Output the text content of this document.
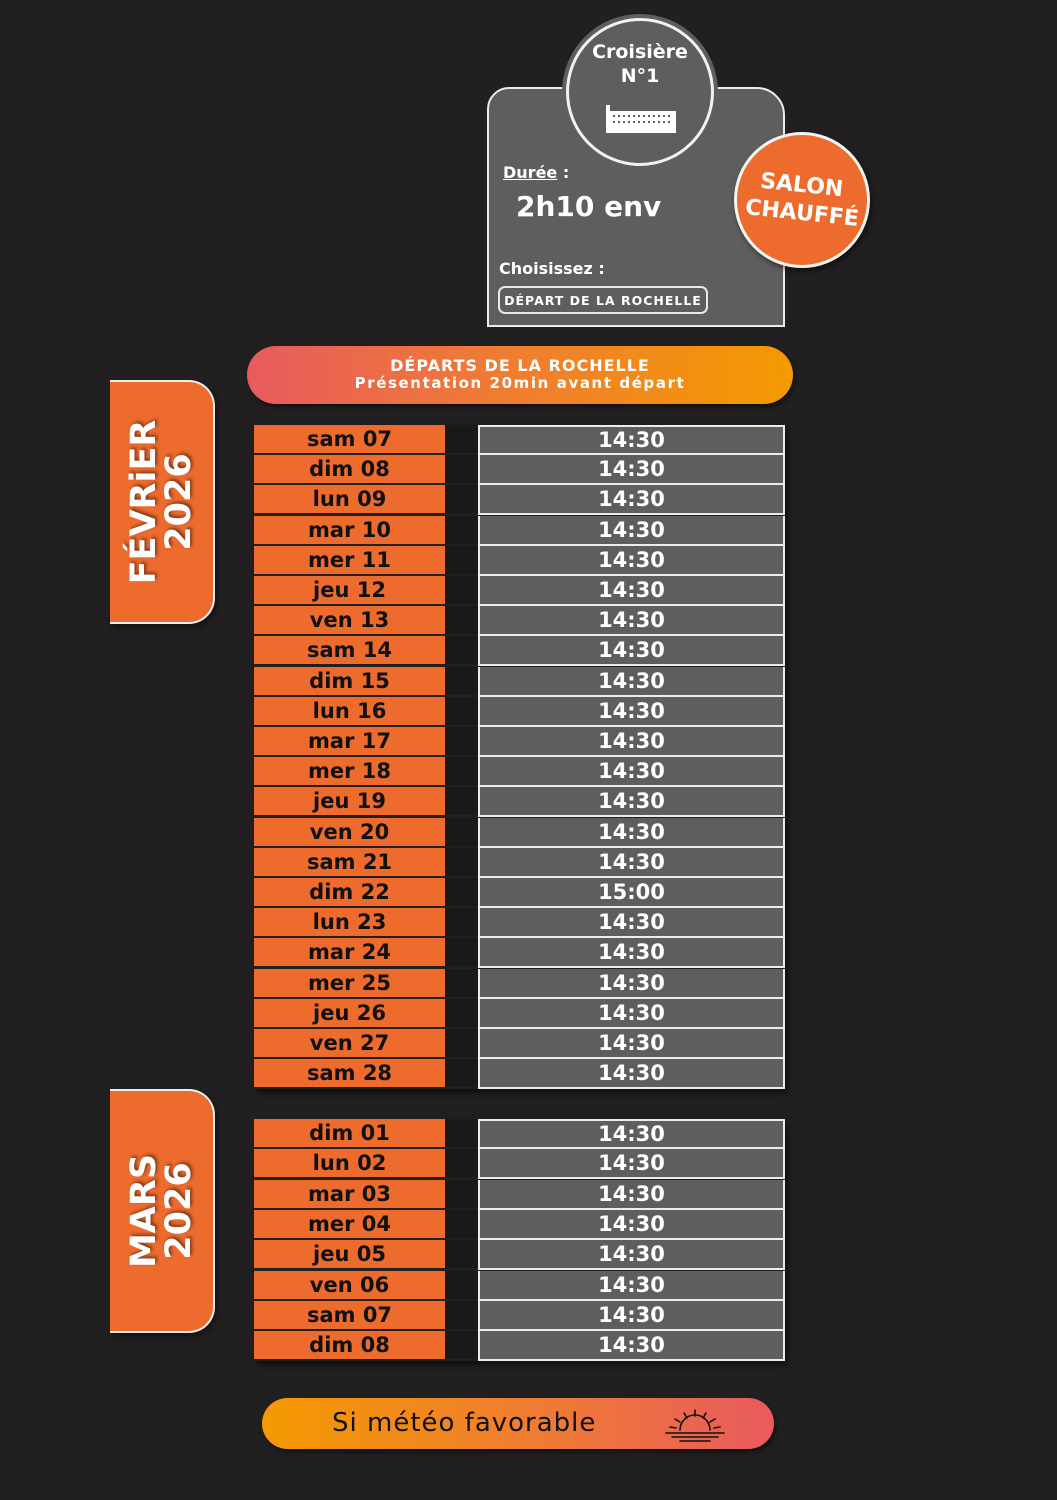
Croisière
N°1
Durée :
2h10 env
Choisissez :
DÉPART DE LA ROCHELLE
SALON
CHAUFFÉ
DÉPARTS DE LA ROCHELLE
Présentation 20min avant départ
FÉVRiER
2026
MARS
2026
sam 07	14:30
dim 08	14:30
lun 09	14:30
mar 10	14:30
mer 11	14:30
jeu 12	14:30
ven 13	14:30
sam 14	14:30
dim 15	14:30
lun 16	14:30
mar 17	14:30
mer 18	14:30
jeu 19	14:30
ven 20	14:30
sam 21	14:30
dim 22	15:00
lun 23	14:30
mar 24	14:30
mer 25	14:30
jeu 26	14:30
ven 27	14:30
sam 28	14:30
dim 01	14:30
lun 02	14:30
mar 03	14:30
mer 04	14:30
jeu 05	14:30
ven 06	14:30
sam 07	14:30
dim 08	14:30
Si météo favorable
